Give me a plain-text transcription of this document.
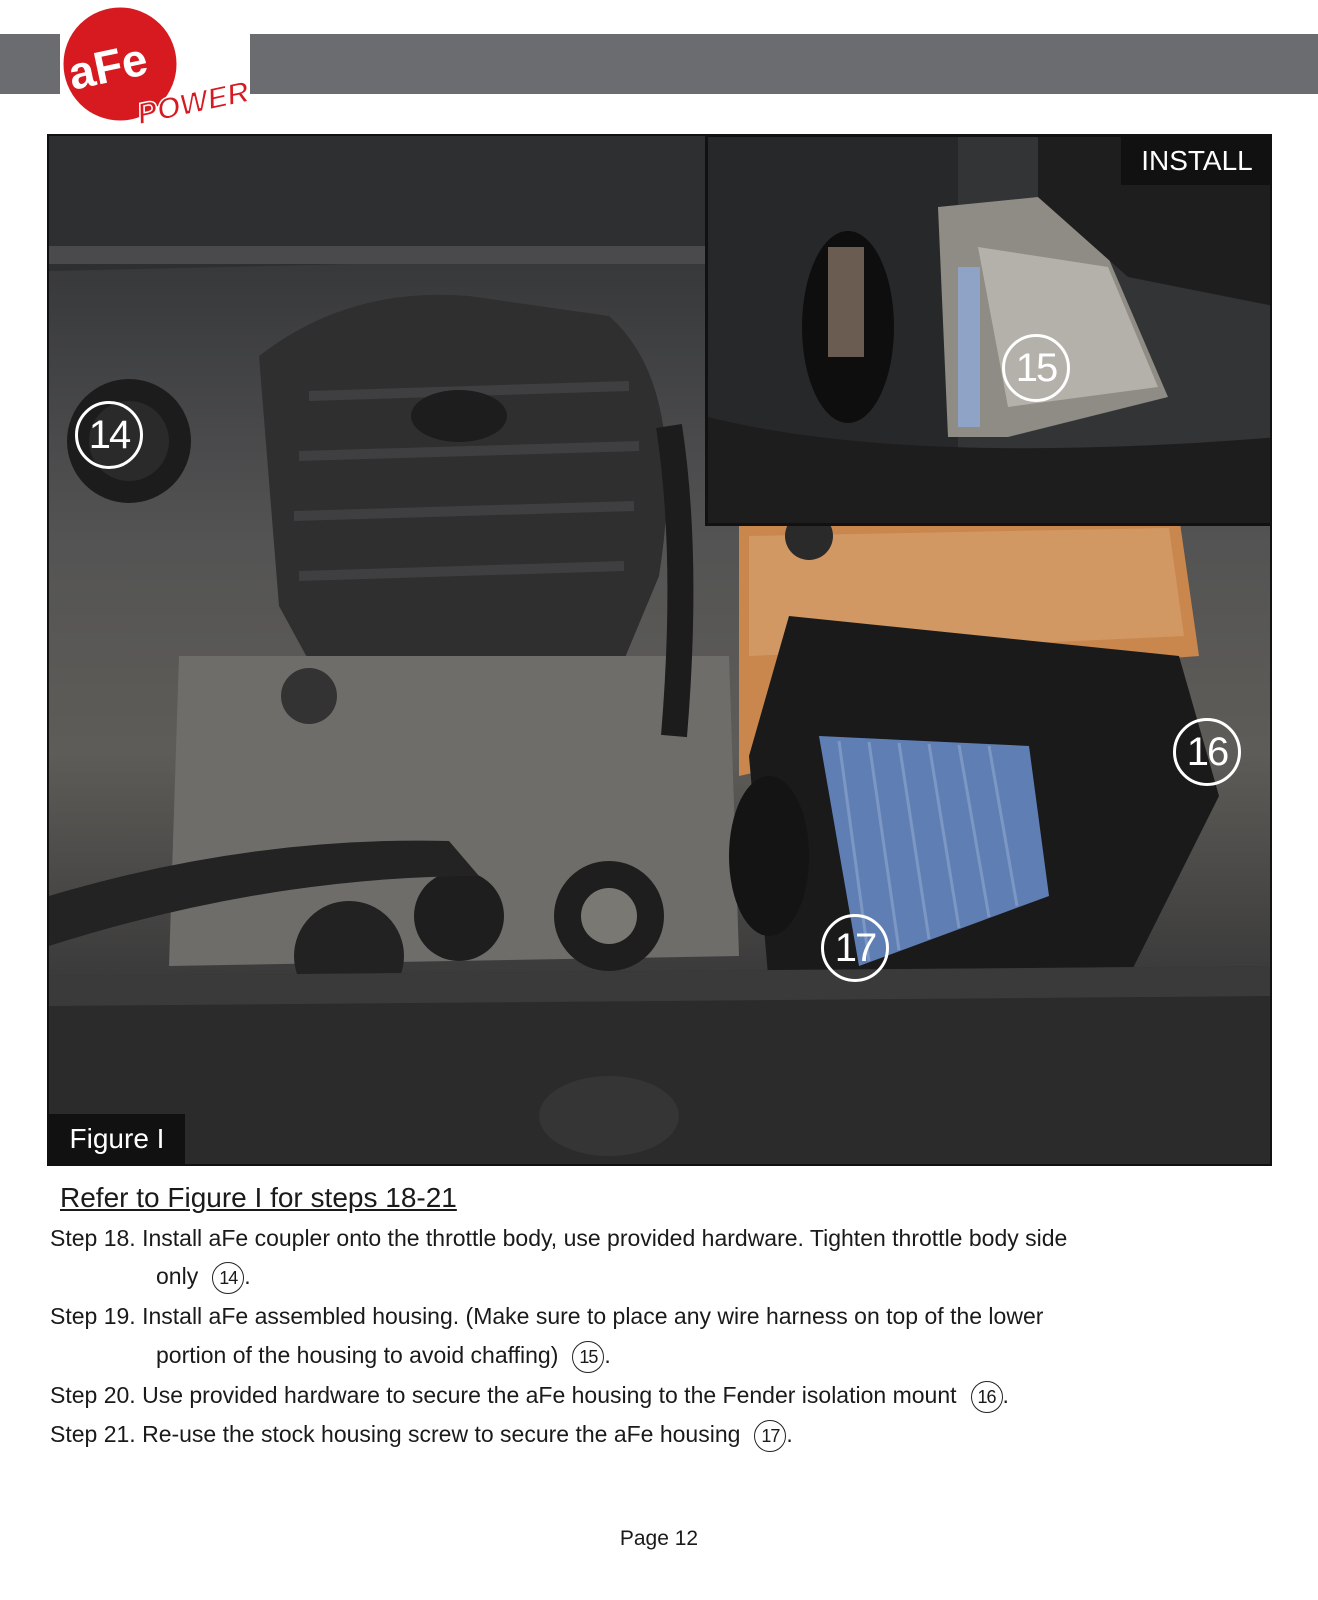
aFe
POWER
INSTALL
15
14
16
17
Figure I
Refer to Figure I for steps 18-21
Step 18. Install aFe coupler onto the throttle body, use provided hardware. Tighten throttle body side
only 14 .
Step 19. Install aFe assembled housing. (Make sure to place any wire harness on top of the lower
portion of the housing to avoid chaffing) 15 .
Step 20. Use provided hardware to secure the aFe housing to the Fender isolation mount 16 .
Step 21. Re-use the stock housing screw to secure the aFe housing 17 .
Page 12
